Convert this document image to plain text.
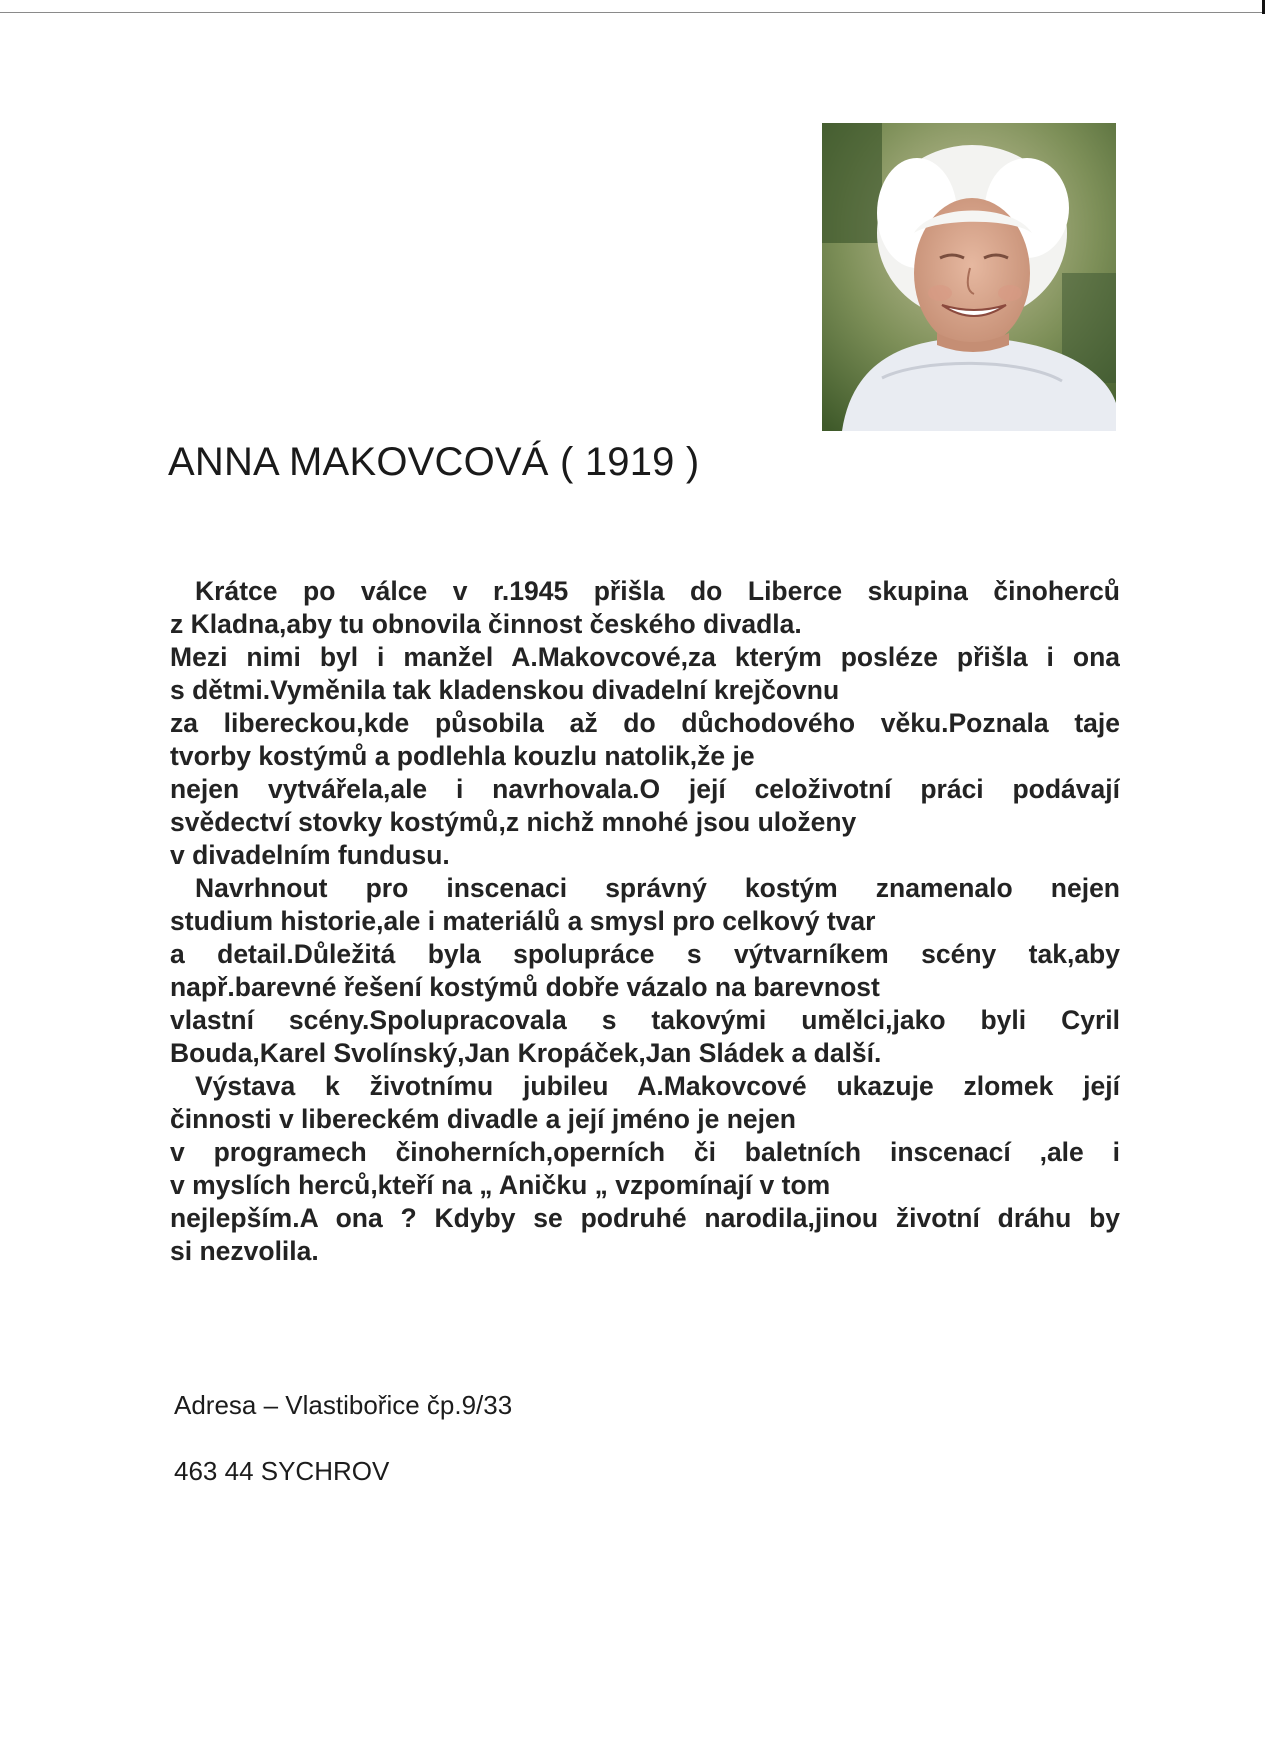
ANNA MAKOVCOVÁ ( 1919 )
Krátce po válce v r.1945 přišla do Liberce skupina činoherců
z Kladna,aby tu obnovila činnost českého divadla.
Mezi nimi byl i manžel A.Makovcové,za kterým posléze přišla i ona
s dětmi.Vyměnila tak kladenskou divadelní krejčovnu
za libereckou,kde působila až do důchodového věku.Poznala taje
tvorby kostýmů a podlehla kouzlu natolik,že je
nejen vytvářela,ale i navrhovala.O její celoživotní práci podávají
svědectví stovky kostýmů,z nichž mnohé jsou uloženy
v divadelním fundusu.
Navrhnout pro inscenaci správný kostým znamenalo nejen
studium historie,ale i materiálů a smysl pro celkový tvar
a detail.Důležitá byla spolupráce s výtvarníkem scény tak,aby
např.barevné řešení kostýmů dobře vázalo na barevnost
vlastní scény.Spolupracovala s takovými umělci,jako byli Cyril
Bouda,Karel Svolínský,Jan Kropáček,Jan Sládek a další.
Výstava k životnímu jubileu A.Makovcové ukazuje zlomek její
činnosti v libereckém divadle a její jméno je nejen
v programech činoherních,operních či baletních inscenací ,ale i
v myslích herců,kteří na „ Aničku „ vzpomínají v tom
nejlepším.A ona ? Kdyby se podruhé narodila,jinou životní dráhu by
si nezvolila.
Adresa – Vlastibořice čp.9/33
463 44 SYCHROV
